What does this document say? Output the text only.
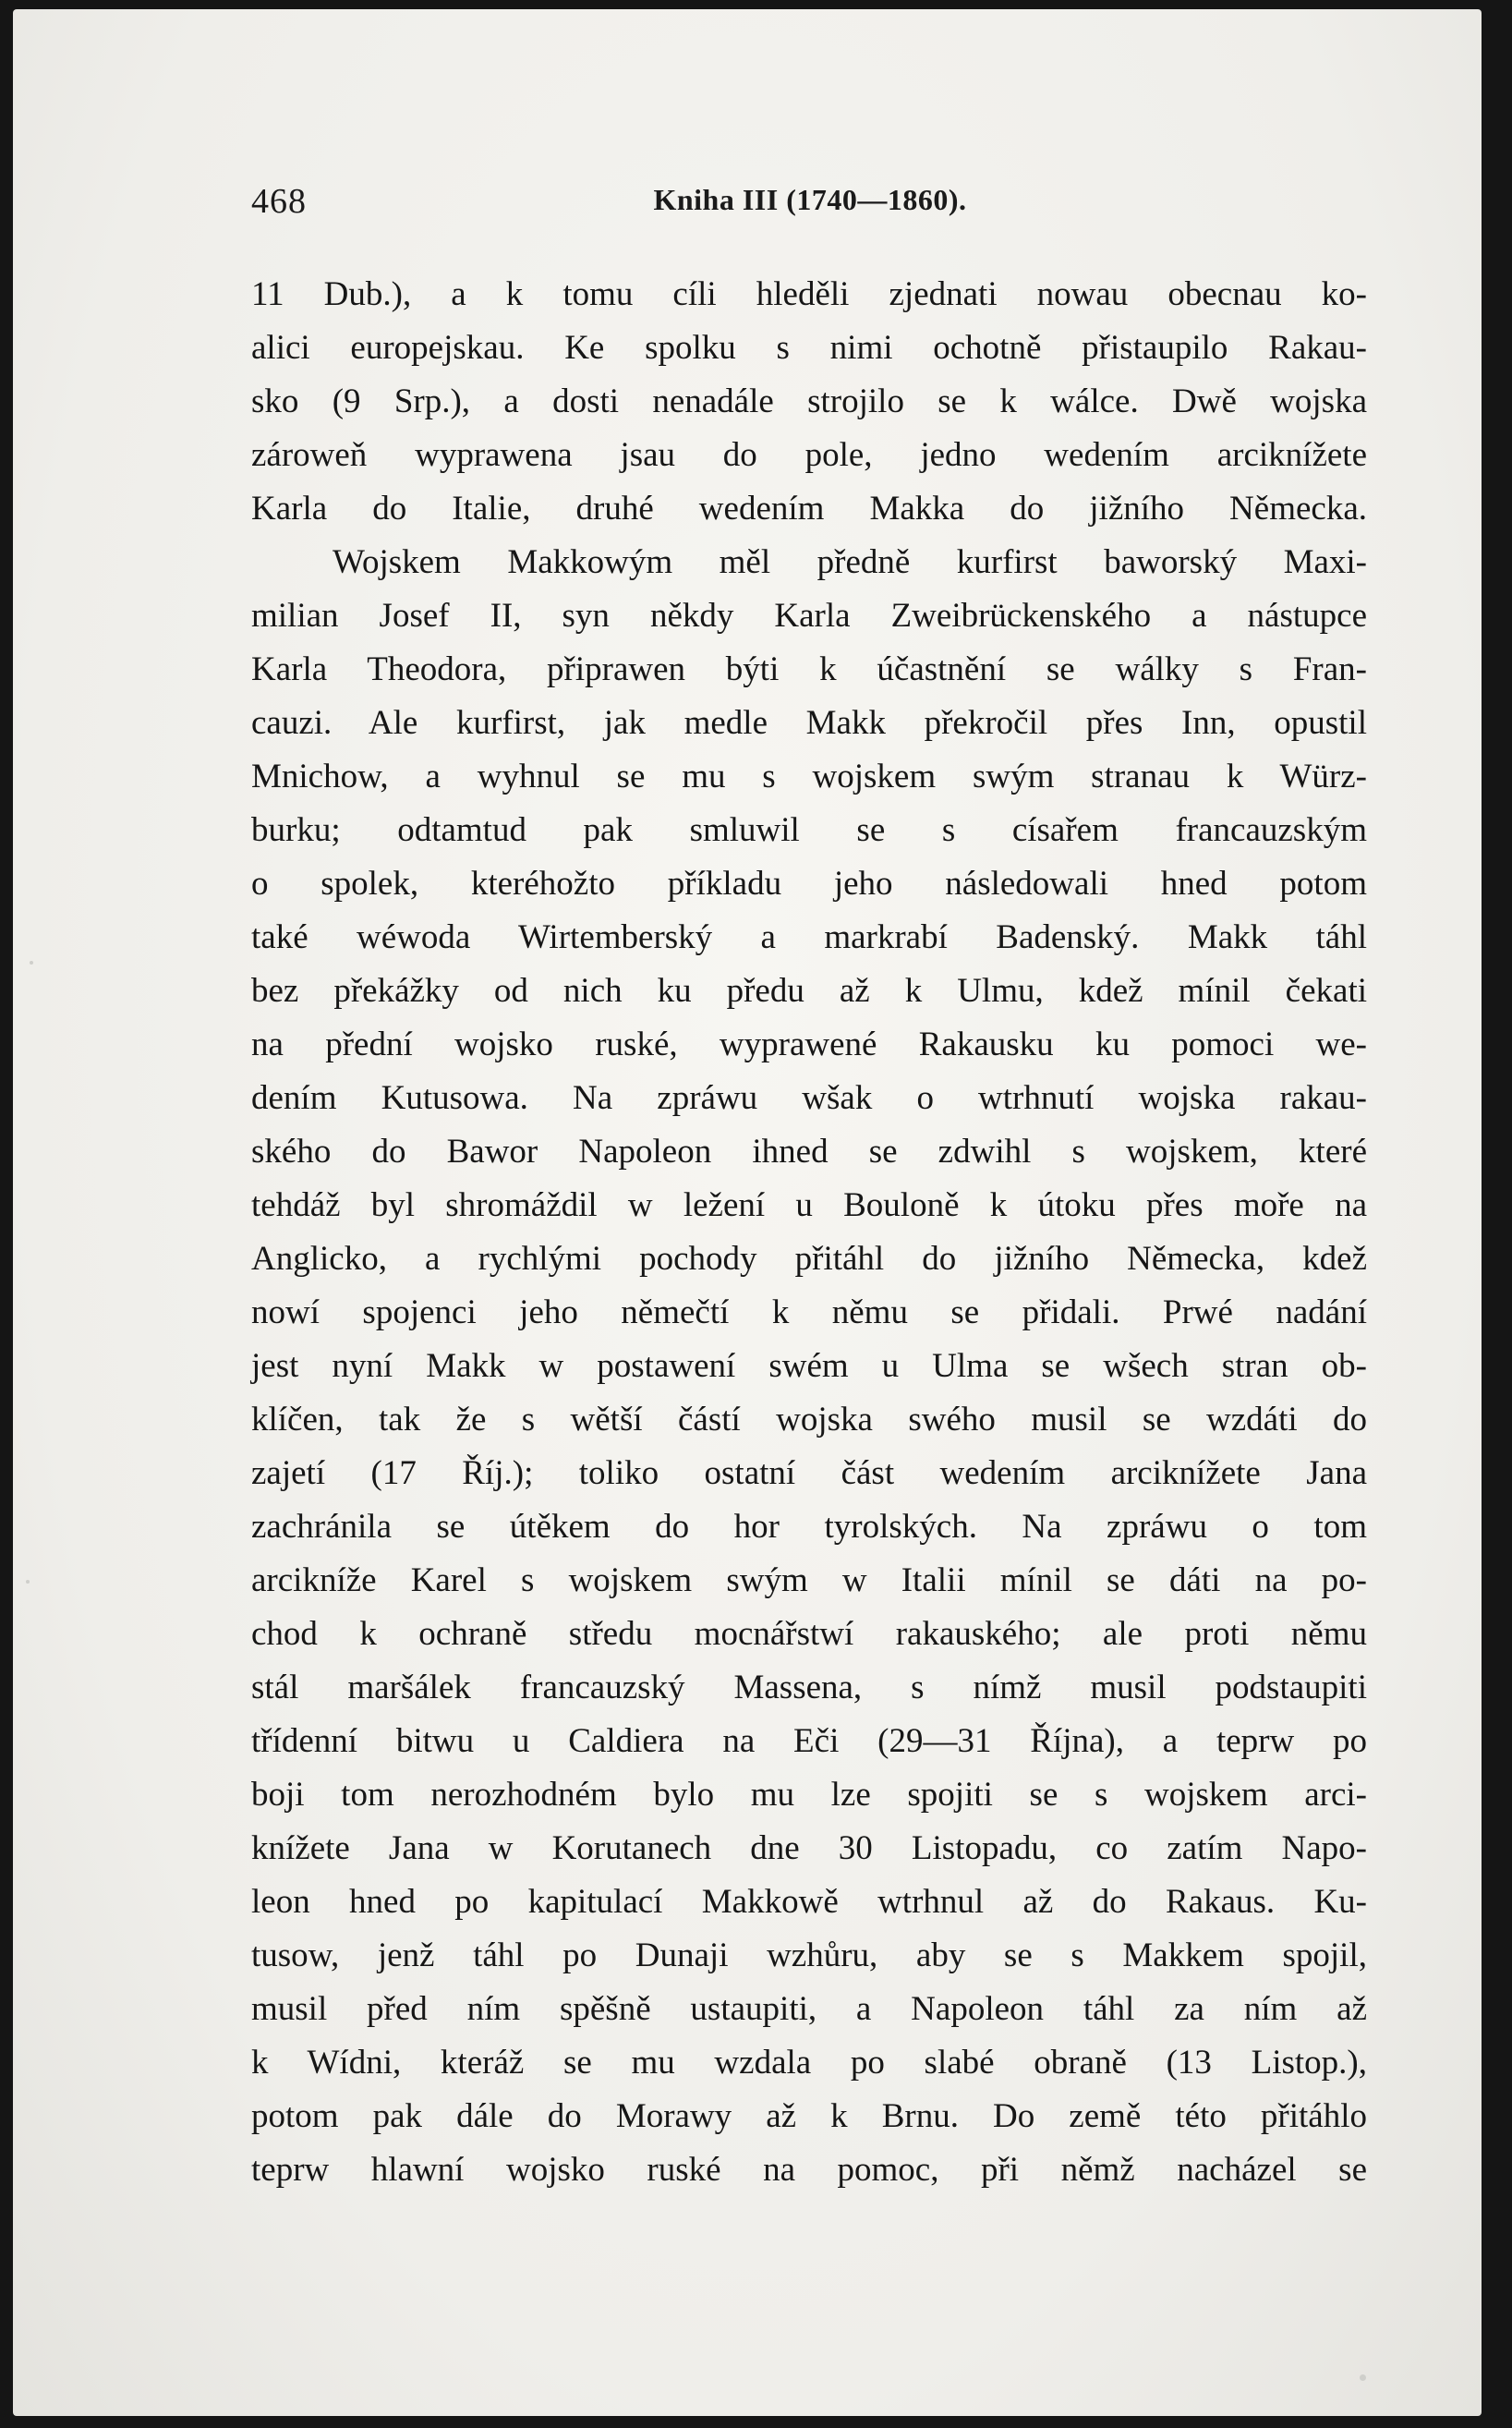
468	Kniha III (1740—1860).
11 Dub.), a k tomu cíli hleděli zjednati nowau obecnau ko-
alici europejskau. Ke spolku s nimi ochotně přistaupilo Rakau-
sko (9 Srp.), a dosti nenadále strojilo se k wálce. Dwě wojska
zároweň wyprawena jsau do pole, jedno wedením arciknížete
Karla do Italie, druhé wedením Makka do jižního Německa.
Wojskem Makkowým měl předně kurfirst baworský Maxi-
milian Josef II, syn někdy Karla Zweibrückenského a nástupce
Karla Theodora, připrawen býti k účastnění se wálky s Fran-
cauzi. Ale kurfirst, jak medle Makk překročil přes Inn, opustil
Mnichow, a wyhnul se mu s wojskem swým stranau k Würz-
burku; odtamtud pak smluwil se s císařem francauzským
o spolek, kteréhožto příkladu jeho následowali hned potom
také wéwoda Wirtemberský a markrabí Badenský. Makk táhl
bez překážky od nich ku předu až k Ulmu, kdež mínil čekati
na přední wojsko ruské, wyprawené Rakausku ku pomoci we-
dením Kutusowa. Na zpráwu wšak o wtrhnutí wojska rakau-
ského do Bawor Napoleon ihned se zdwihl s wojskem, které
tehdáž byl shromáždil w ležení u Bouloně k útoku přes moře na
Anglicko, a rychlými pochody přitáhl do jižního Německa, kdež
nowí spojenci jeho němečtí k němu se přidali. Prwé nadání
jest nyní Makk w postawení swém u Ulma se wšech stran ob-
klíčen, tak že s wětší částí wojska swého musil se wzdáti do
zajetí (17 Říj.); toliko ostatní část wedením arciknížete Jana
zachránila se útěkem do hor tyrolských. Na zpráwu o tom
arcikníže Karel s wojskem swým w Italii mínil se dáti na po-
chod k ochraně středu mocnářstwí rakauského; ale proti němu
stál maršálek francauzský Massena, s nímž musil podstaupiti
třídenní bitwu u Caldiera na Eči (29—31 Října), a teprw po
boji tom nerozhodném bylo mu lze spojiti se s wojskem arci-
knížete Jana w Korutanech dne 30 Listopadu, co zatím Napo-
leon hned po kapitulací Makkowě wtrhnul až do Rakaus. Ku-
tusow, jenž táhl po Dunaji wzhůru, aby se s Makkem spojil,
musil před ním spěšně ustaupiti, a Napoleon táhl za ním až
k Wídni, kteráž se mu wzdala po slabé obraně (13 Listop.),
potom pak dále do Morawy až k Brnu. Do země této přitáhlo
teprw hlawní wojsko ruské na pomoc, při němž nacházel se
